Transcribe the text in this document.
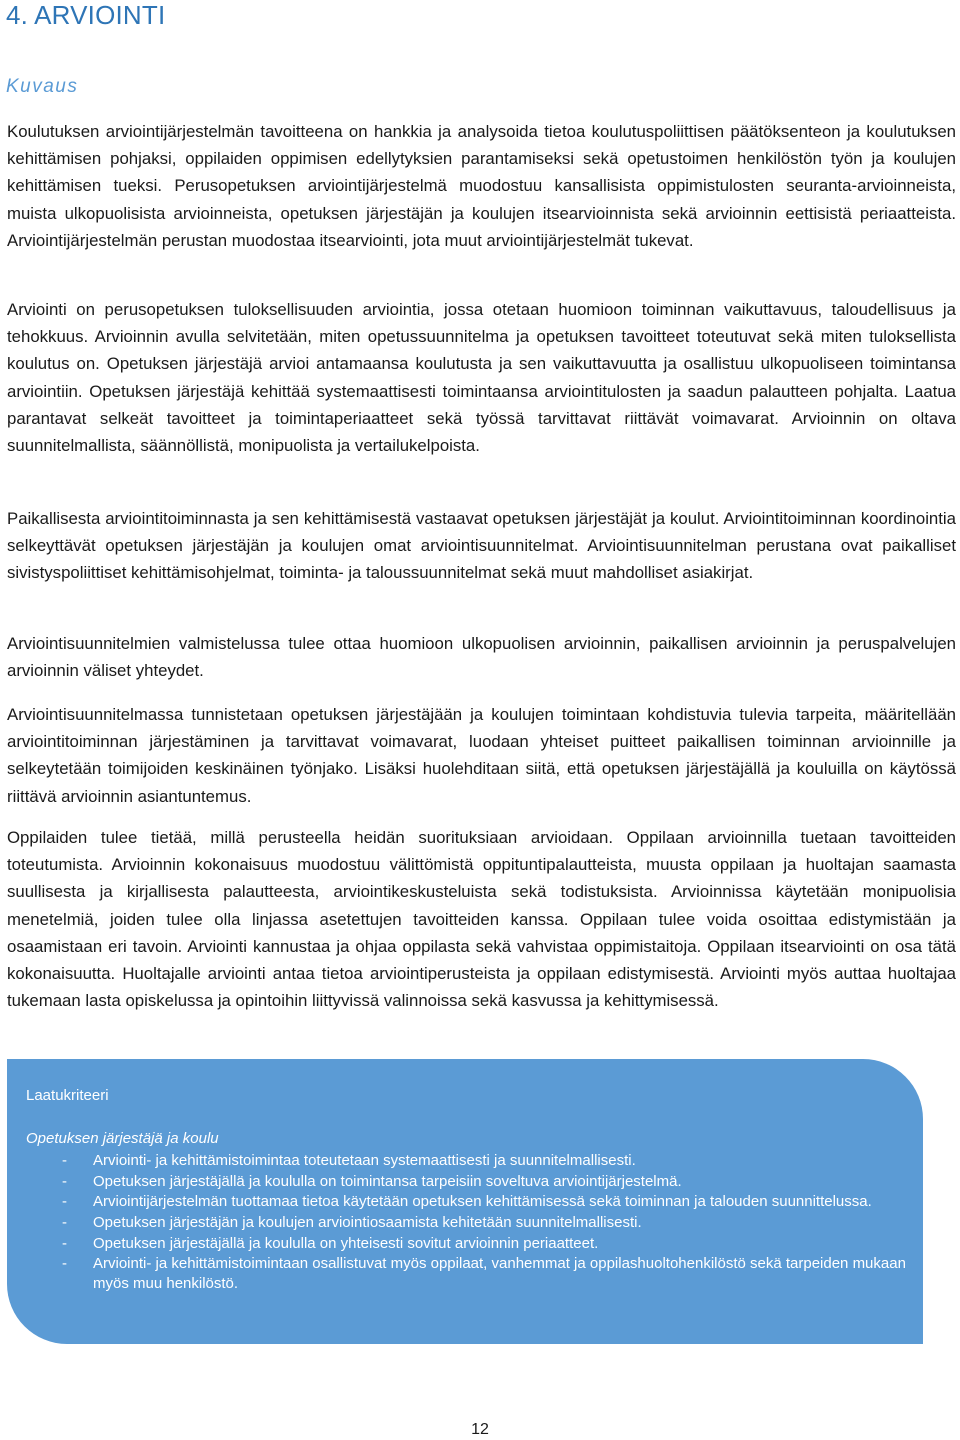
4. ARVIOINTI
Kuvaus

Koulutuksen arviointijärjestelmän tavoitteena on hankkia ja analysoida tietoa koulutuspoliittisen päätöksenteon ja koulutuksen kehittämisen pohjaksi, oppilaiden oppimisen edellytyksien parantamiseksi sekä opetustoimen henkilöstön työn ja koulujen kehittämisen tueksi. Perusopetuksen arviointijärjestelmä muodostuu kansallisista oppimistulosten seuranta-arvioinneista, muista ulkopuolisista arvioinneista, opetuksen järjestäjän ja koulujen itsearvioinnista sekä arvioinnin eettisistä periaatteista. Arviointijärjestelmän perustan muodostaa itsearviointi, jota muut arviointijärjestelmät tukevat.

Arviointi on perusopetuksen tuloksellisuuden arviointia, jossa otetaan huomioon toiminnan vaikuttavuus, taloudellisuus ja tehokkuus. Arvioinnin avulla selvitetään, miten opetussuunnitelma ja opetuksen tavoitteet toteutuvat sekä miten tuloksellista koulutus on. Opetuksen järjestäjä arvioi antamaansa koulutusta ja sen vaikuttavuutta ja osallistuu ulkopuoliseen toimintansa arviointiin. Opetuksen järjestäjä kehittää systemaattisesti toimintaansa arviointitulosten ja saadun palautteen pohjalta. Laatua parantavat selkeät tavoitteet ja toimintaperiaatteet sekä työssä tarvittavat riittävät voimavarat. Arvioinnin on oltava suunnitelmallista, säännöllistä, monipuolista ja vertailukelpoista.

Paikallisesta arviointitoiminnasta ja sen kehittämisestä vastaavat opetuksen järjestäjät ja koulut. Arviointitoiminnan koordinointia selkeyttävät opetuksen järjestäjän ja koulujen omat arviointisuunnitelmat. Arviointisuunnitelman perustana ovat paikalliset sivistyspoliittiset kehittämisohjelmat, toiminta- ja taloussuunnitelmat sekä muut mahdolliset asiakirjat.

Arviointisuunnitelmien valmistelussa tulee ottaa huomioon ulkopuolisen arvioinnin, paikallisen arvioinnin ja peruspalvelujen arvioinnin väliset yhteydet.

Arviointisuunnitelmassa tunnistetaan opetuksen järjestäjään ja koulujen toimintaan kohdistuvia tulevia tarpeita, määritellään arviointitoiminnan järjestäminen ja tarvittavat voimavarat, luodaan yhteiset puitteet paikallisen toiminnan arvioinnille ja selkeytetään toimijoiden keskinäinen työnjako. Lisäksi huolehditaan siitä, että opetuksen järjestäjällä ja kouluilla on käytössä riittävä arvioinnin asiantuntemus.

Oppilaiden tulee tietää, millä perusteella heidän suorituksiaan arvioidaan. Oppilaan arvioinnilla tuetaan tavoitteiden toteutumista. Arvioinnin kokonaisuus muodostuu välittömistä oppituntipalautteista, muusta oppilaan ja huoltajan saamasta suullisesta ja kirjallisesta palautteesta, arviointikeskusteluista sekä todistuksista. Arvioinnissa käytetään monipuolisia menetelmiä, joiden tulee olla linjassa asetettujen tavoitteiden kanssa. Oppilaan tulee voida osoittaa edistymistään ja osaamistaan eri tavoin. Arviointi kannustaa ja ohjaa oppilasta sekä vahvistaa oppimistaitoja. Oppilaan itsearviointi on osa tätä kokonaisuutta. Huoltajalle arviointi antaa tietoa arviointiperusteista ja oppilaan edistymisestä. Arviointi myös auttaa huoltajaa tukemaan lasta opiskelussa ja opintoihin liittyvissä valinnoissa sekä kasvussa ja kehittymisessä.

Laatukriteeri
Opetuksen järjestäjä ja koulu
- Arviointi- ja kehittämistoimintaa toteutetaan systemaattisesti ja suunnitelmallisesti.
- Opetuksen järjestäjällä ja koululla on toimintansa tarpeisiin soveltuva arviointijärjestelmä.
- Arviointijärjestelmän tuottamaa tietoa käytetään opetuksen kehittämisessä sekä toiminnan ja talouden suunnittelussa.
- Opetuksen järjestäjän ja koulujen arviointiosaamista kehitetään suunnitelmallisesti.
- Opetuksen järjestäjällä ja koululla on yhteisesti sovitut arvioinnin periaatteet.
- Arviointi- ja kehittämistoimintaan osallistuvat myös oppilaat, vanhemmat ja oppilashuoltohenkilöstö sekä tarpeiden mukaan myös muu henkilöstö.
12
